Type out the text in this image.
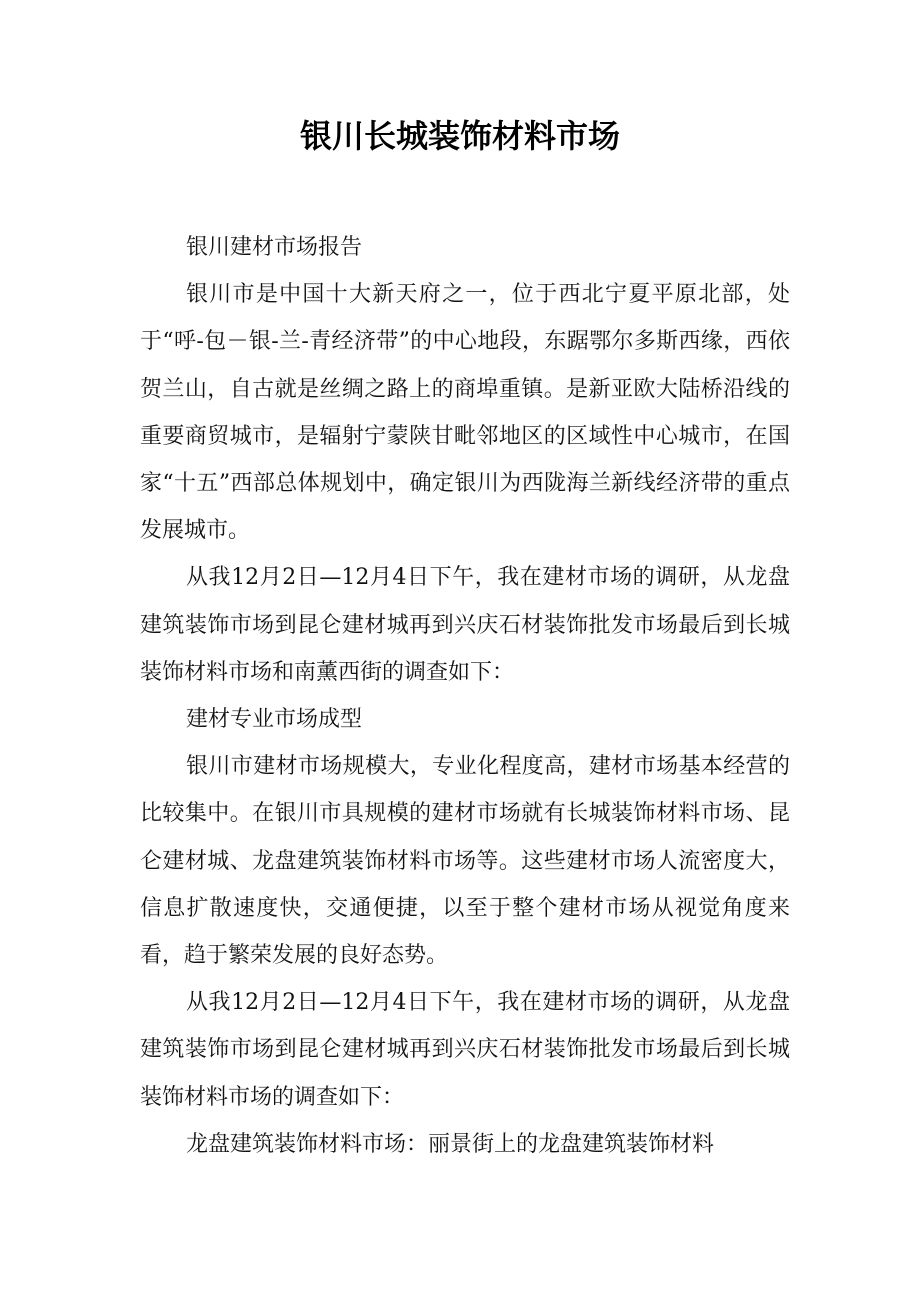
银川长城装饰材料市场

银川建材市场报告

银川市是中国十大新天府之一，位于西北宁夏平原北部，处于“呼-包－银-兰-青经济带”的中心地段，东踞鄂尔多斯西缘，西依贺兰山，自古就是丝绸之路上的商埠重镇。是新亚欧大陆桥沿线的重要商贸城市，是辐射宁蒙陕甘毗邻地区的区域性中心城市，在国家“十五”西部总体规划中，确定银川为西陇海兰新线经济带的重点发展城市。

从我12月2日—12月4日下午，我在建材市场的调研，从龙盘建筑装饰市场到昆仑建材城再到兴庆石材装饰批发市场最后到长城装饰材料市场和南薰西街的调查如下：

建材专业市场成型

银川市建材市场规模大，专业化程度高，建材市场基本经营的比较集中。在银川市具规模的建材市场就有长城装饰材料市场、昆仑建材城、龙盘建筑装饰材料市场等。这些建材市场人流密度大，信息扩散速度快，交通便捷，以至于整个建材市场从视觉角度来看，趋于繁荣发展的良好态势。

从我12月2日—12月4日下午，我在建材市场的调研，从龙盘建筑装饰市场到昆仑建材城再到兴庆石材装饰批发市场最后到长城装饰材料市场的调查如下：

龙盘建筑装饰材料市场：丽景街上的龙盘建筑装饰材料
